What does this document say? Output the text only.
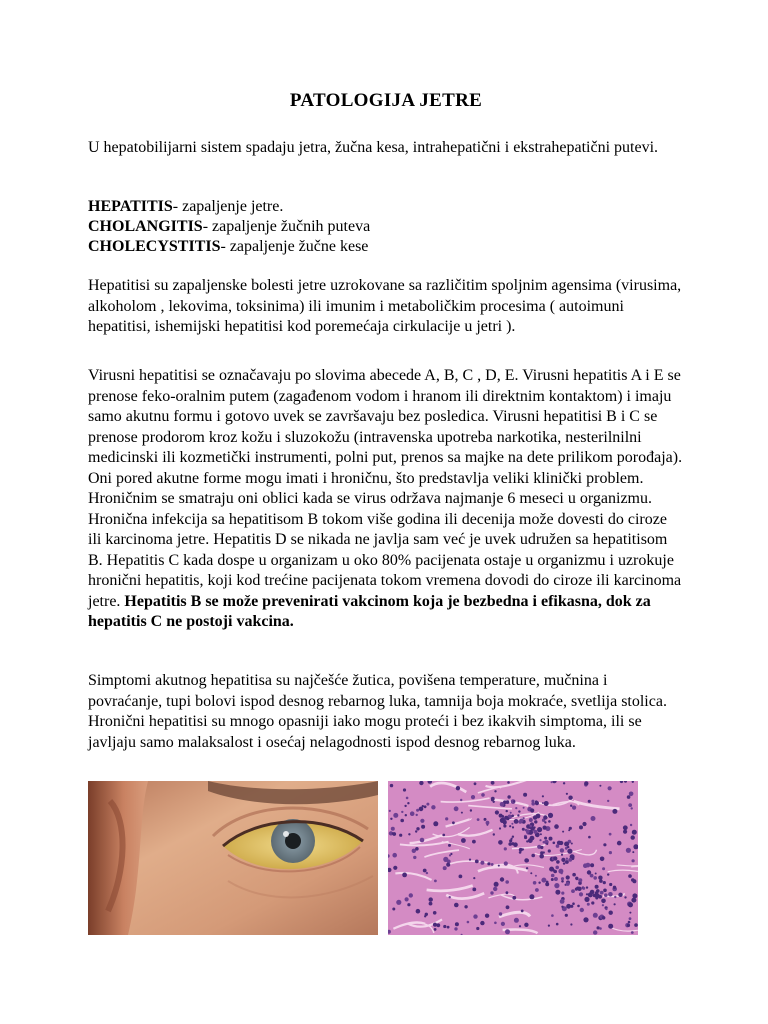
PATOLOGIJA JETRE

U hepatobilijarni sistem spadaju jetra, žučna kesa, intrahepatični i ekstrahepatični putevi.

HEPATITIS- zapaljenje jetre.
CHOLANGITIS- zapaljenje žučnih puteva
CHOLECYSTITIS- zapaljenje žučne kese

Hepatitisi su zapaljenske bolesti jetre uzrokovane sa različitim spoljnim agensima (virusima, alkoholom , lekovima, toksinima) ili imunim i metaboličkim procesima ( autoimuni hepatitisi, ishemijski hepatitisi kod poremećaja cirkulacije u jetri ).

Virusni hepatitisi se označavaju po slovima abecede A, B, C , D, E. Virusni hepatitis A i E se prenose feko-oralnim putem (zagađenom vodom i hranom ili direktnim kontaktom) i imaju samo akutnu formu i gotovo uvek se završavaju bez posledica. Virusni hepatitisi B i C se prenose prodorom kroz kožu i sluzokožu (intravenska upotreba narkotika, nesterilnilni medicinski ili kozmetički instrumenti, polni put, prenos sa majke na dete prilikom porođaja). Oni pored akutne forme mogu imati i hroničnu, što predstavlja veliki klinički problem. Hroničnim se smatraju oni oblici kada se virus održava najmanje 6 meseci u organizmu. Hronična infekcija sa hepatitisom B tokom više godina ili decenija može dovesti do ciroze ili karcinoma jetre. Hepatitis D se nikada ne javlja sam već je uvek udružen sa hepatitisom B. Hepatitis C kada dospe u organizam u oko 80% pacijenata ostaje u organizmu i uzrokuje hronični hepatitis, koji kod trećine pacijenata tokom vremena dovodi do ciroze ili karcinoma jetre. Hepatitis B se može prevenirati vakcinom koja je bezbedna i efikasna, dok za hepatitis C ne postoji vakcina.

Simptomi akutnog hepatitisa su najčešće žutica, povišena temperature, mučnina i povraćanje, tupi bolovi ispod desnog rebarnog luka, tamnija boja mokraće, svetlija stolica. Hronični hepatitisi su mnogo opasniji iako mogu proteći i bez ikakvih simptoma, ili se javljaju samo malaksalost i osećaj nelagodnosti ispod desnog rebarnog luka.
